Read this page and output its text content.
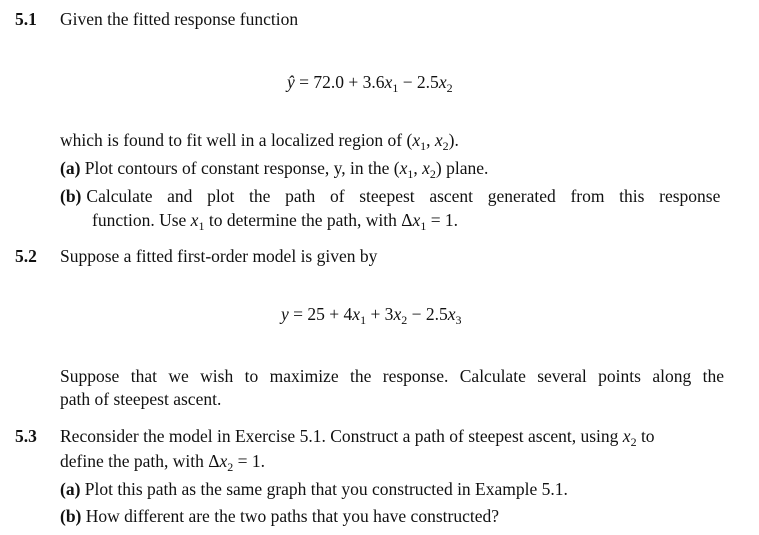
5.1 Given the fitted response function
ŷ = $72.0 + 3.6x_1 - 2.5x_2$
which is found to fit well in a localized region of ($x_1$, $x_2$).
(a) Plot contours of constant response, y, in the ($x_1$, $x_2$) plane.
(b) Calculate and plot the path of steepest ascent generated from this response
function. Use $x_1$ to determine the path, with $\Delta x_1 = 1$.
5.2 Suppose a fitted first-order model is given by
$y = 25 + 4x_1 + 3x_2 - 2.5x_3$
Suppose that we wish to maximize the response. Calculate several points along the
path of steepest ascent.
5.3 Reconsider the model in Exercise 5.1. Construct a path of steepest ascent, using $x_2$ to
define the path, with $\Delta x_2 = 1$.
(a) Plot this path as the same graph that you constructed in Example 5.1.
(b) How different are the two paths that you have constructed?
